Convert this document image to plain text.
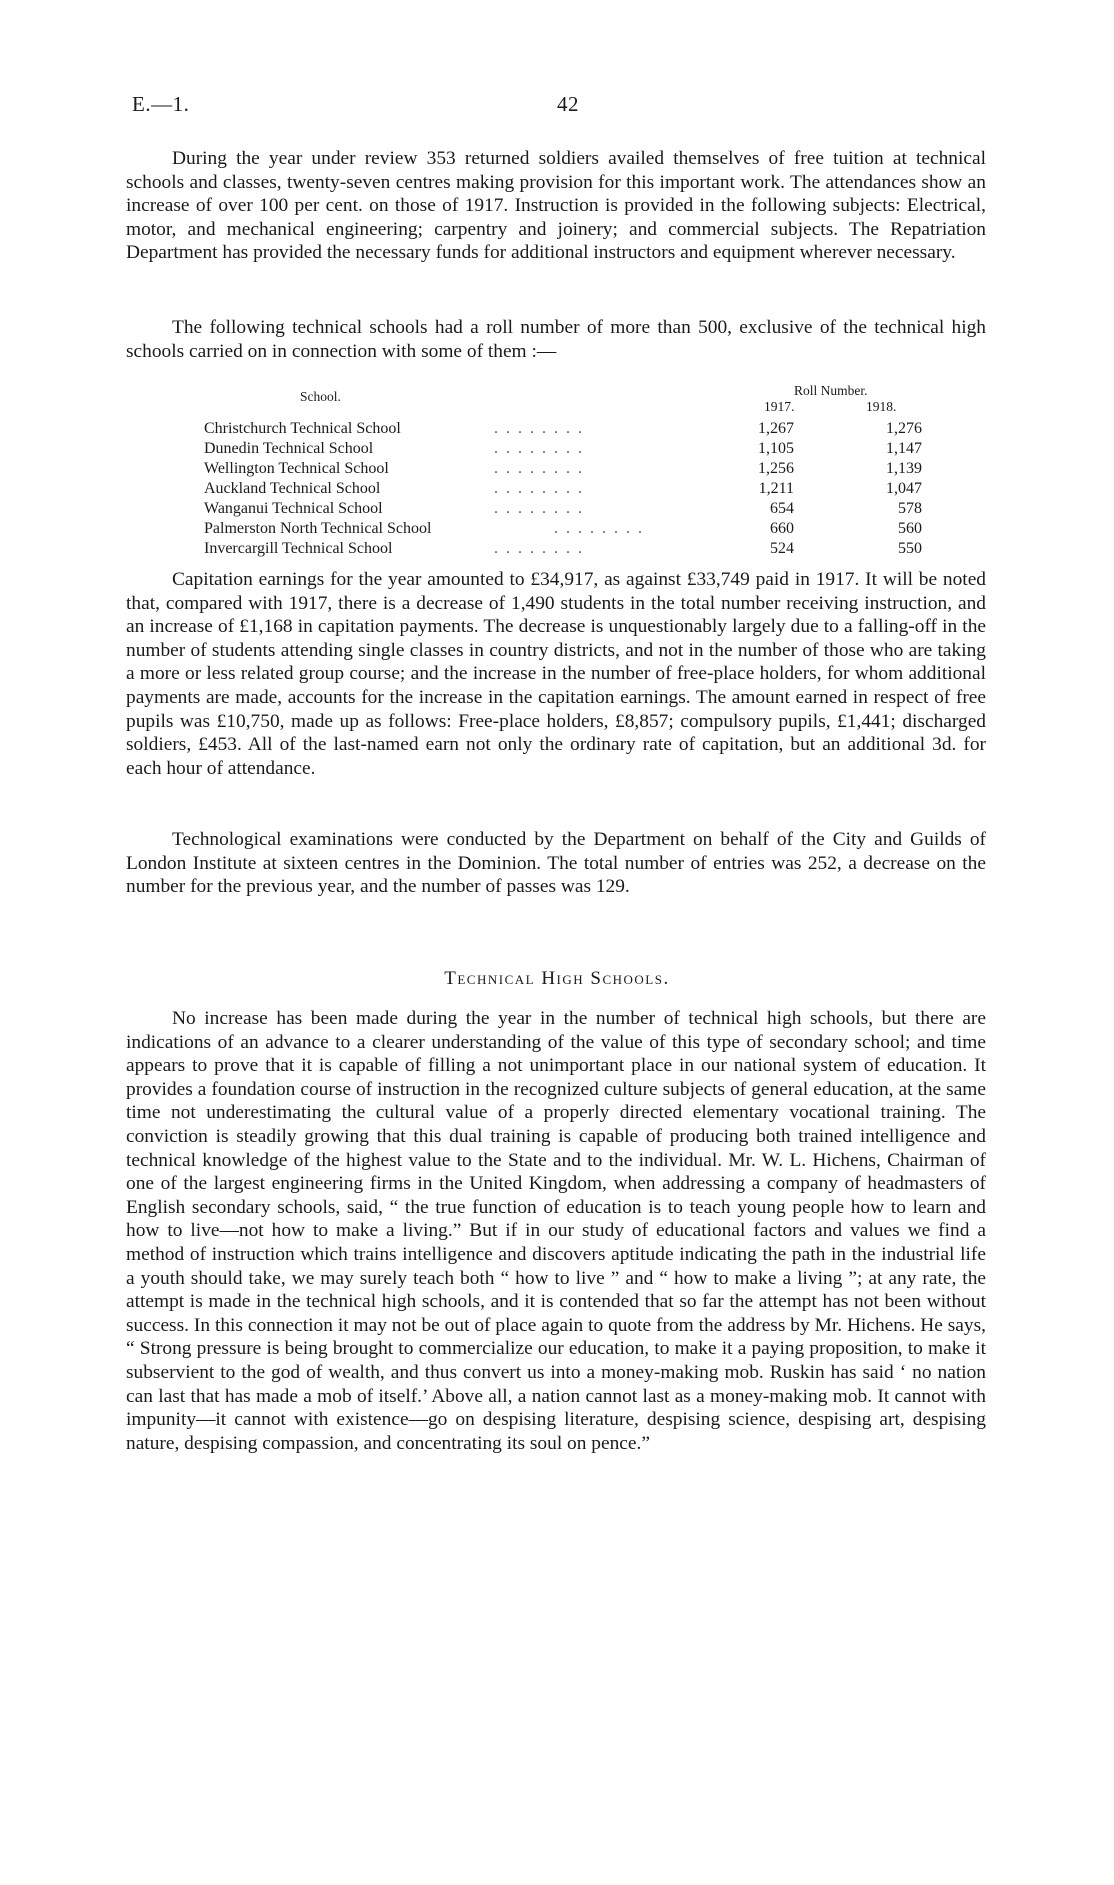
E.—1.	42

During the year under review 353 returned soldiers availed themselves of free tuition at technical schools and classes, twenty-seven centres making provision for this important work. The attendances show an increase of over 100 per cent. on those of 1917. Instruction is provided in the following subjects: Electrical, motor, and mechanical engineering; carpentry and joinery; and commercial subjects. The Repatriation Department has provided the necessary funds for additional instructors and equipment wherever necessary.

The following technical schools had a roll number of more than 500, exclusive of the technical high schools carried on in connection with some of them :—

School.	Roll Number.
1917.	1918.
Christchurch Technical School	. . . . . . . .	1,267	1,276
Dunedin Technical School	. . . . . . . .	1,105	1,147
Wellington Technical School	. . . . . . . .	1,256	1,139
Auckland Technical School	. . . . . . . .	1,211	1,047
Wanganui Technical School	. . . . . . . .	654	578
Palmerston North Technical School	. . . . . . . .	660	560
Invercargill Technical School	. . . . . . . .	524	550

Capitation earnings for the year amounted to £34,917, as against £33,749 paid in 1917. It will be noted that, compared with 1917, there is a decrease of 1,490 students in the total number receiving instruction, and an increase of £1,168 in capitation payments. The decrease is unquestionably largely due to a falling-off in the number of students attending single classes in country districts, and not in the number of those who are taking a more or less related group course; and the increase in the number of free-place holders, for whom additional payments are made, accounts for the increase in the capitation earnings. The amount earned in respect of free pupils was £10,750, made up as follows: Free-place holders, £8,857; compulsory pupils, £1,441; discharged soldiers, £453. All of the last-named earn not only the ordinary rate of capitation, but an additional 3d. for each hour of attendance.

Technological examinations were conducted by the Department on behalf of the City and Guilds of London Institute at sixteen centres in the Dominion. The total number of entries was 252, a decrease on the number for the previous year, and the number of passes was 129.

Technical High Schools.

No increase has been made during the year in the number of technical high schools, but there are indications of an advance to a clearer understanding of the value of this type of secondary school; and time appears to prove that it is capable of filling a not unimportant place in our national system of education. It provides a foundation course of instruction in the recognized culture subjects of general education, at the same time not underestimating the cultural value of a properly directed elementary vocational training. The conviction is steadily growing that this dual training is capable of producing both trained intelligence and technical knowledge of the highest value to the State and to the individual. Mr. W. L. Hichens, Chairman of one of the largest engineering firms in the United Kingdom, when addressing a company of headmasters of English secondary schools, said, “ the true function of education is to teach young people how to learn and how to live—not how to make a living.” But if in our study of educational factors and values we find a method of instruction which trains intelligence and discovers aptitude indicating the path in the industrial life a youth should take, we may surely teach both “ how to live ” and “ how to make a living ”; at any rate, the attempt is made in the technical high schools, and it is contended that so far the attempt has not been without success. In this connection it may not be out of place again to quote from the address by Mr. Hichens. He says, “ Strong pressure is being brought to commercialize our education, to make it a paying proposition, to make it subservient to the god of wealth, and thus convert us into a money-making mob. Ruskin has said ‘ no nation can last that has made a mob of itself.’ Above all, a nation cannot last as a money-making mob. It cannot with impunity—it cannot with existence—go on despising literature, despising science, despising art, despising nature, despising compassion, and concentrating its soul on pence.”
